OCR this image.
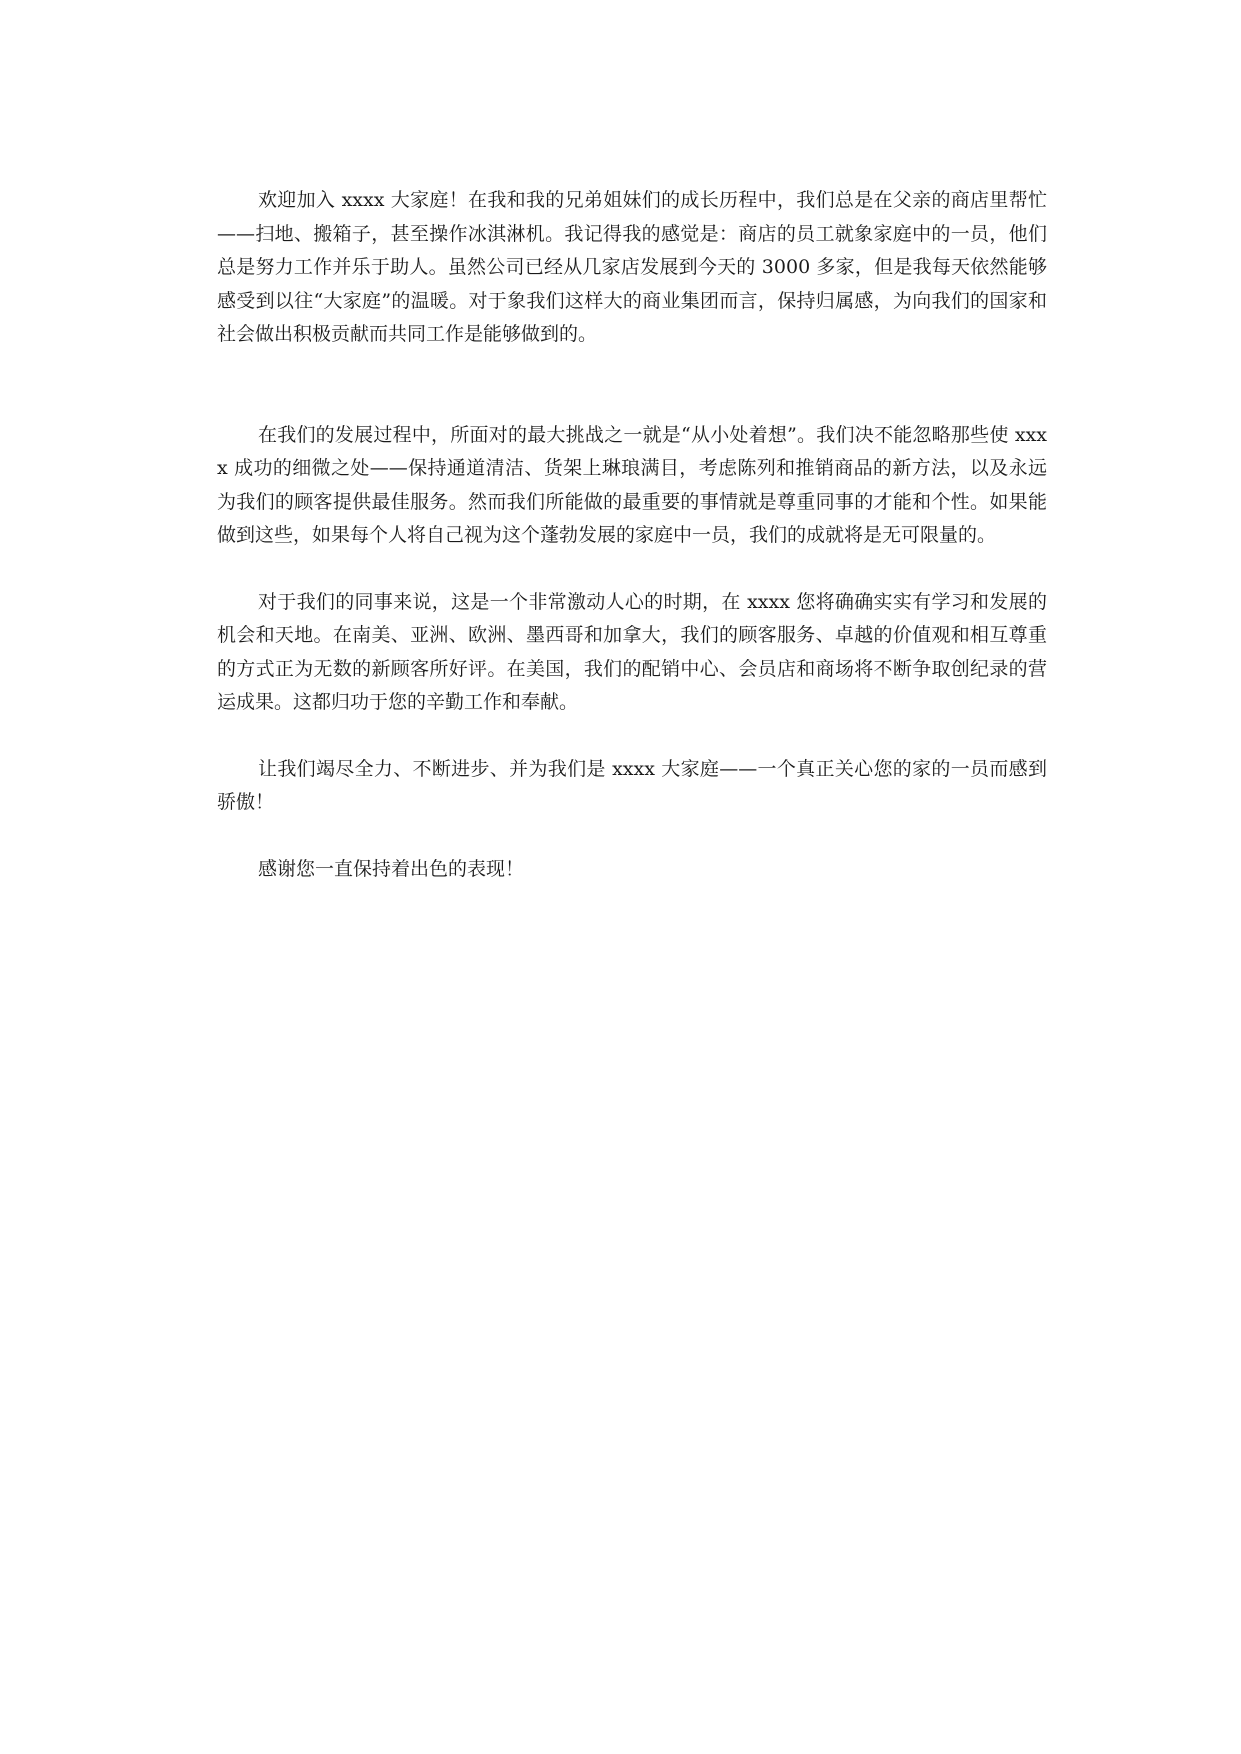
欢迎加入 xxxx 大家庭！在我和我的兄弟姐妹们的成长历程中，我们总是在父亲的商店里帮忙——扫地、搬箱子，甚至操作冰淇淋机。我记得我的感觉是：商店的员工就象家庭中的一员，他们总是努力工作并乐于助人。虽然公司已经从几家店发展到今天的 3000 多家，但是我每天依然能够感受到以往“大家庭”的温暖。对于象我们这样大的商业集团而言，保持归属感，为向我们的国家和社会做出积极贡献而共同工作是能够做到的。

在我们的发展过程中，所面对的最大挑战之一就是“从小处着想”。我们决不能忽略那些使 xxxx 成功的细微之处——保持通道清洁、货架上琳琅满目，考虑陈列和推销商品的新方法，以及永远为我们的顾客提供最佳服务。然而我们所能做的最重要的事情就是尊重同事的才能和个性。如果能做到这些，如果每个人将自己视为这个蓬勃发展的家庭中一员，我们的成就将是无可限量的。

对于我们的同事来说，这是一个非常激动人心的时期，在 xxxx 您将确确实实有学习和发展的机会和天地。在南美、亚洲、欧洲、墨西哥和加拿大，我们的顾客服务、卓越的价值观和相互尊重的方式正为无数的新顾客所好评。在美国，我们的配销中心、会员店和商场将不断争取创纪录的营运成果。这都归功于您的辛勤工作和奉献。

让我们竭尽全力、不断进步、并为我们是 xxxx 大家庭——一个真正关心您的家的一员而感到骄傲！

感谢您一直保持着出色的表现！
